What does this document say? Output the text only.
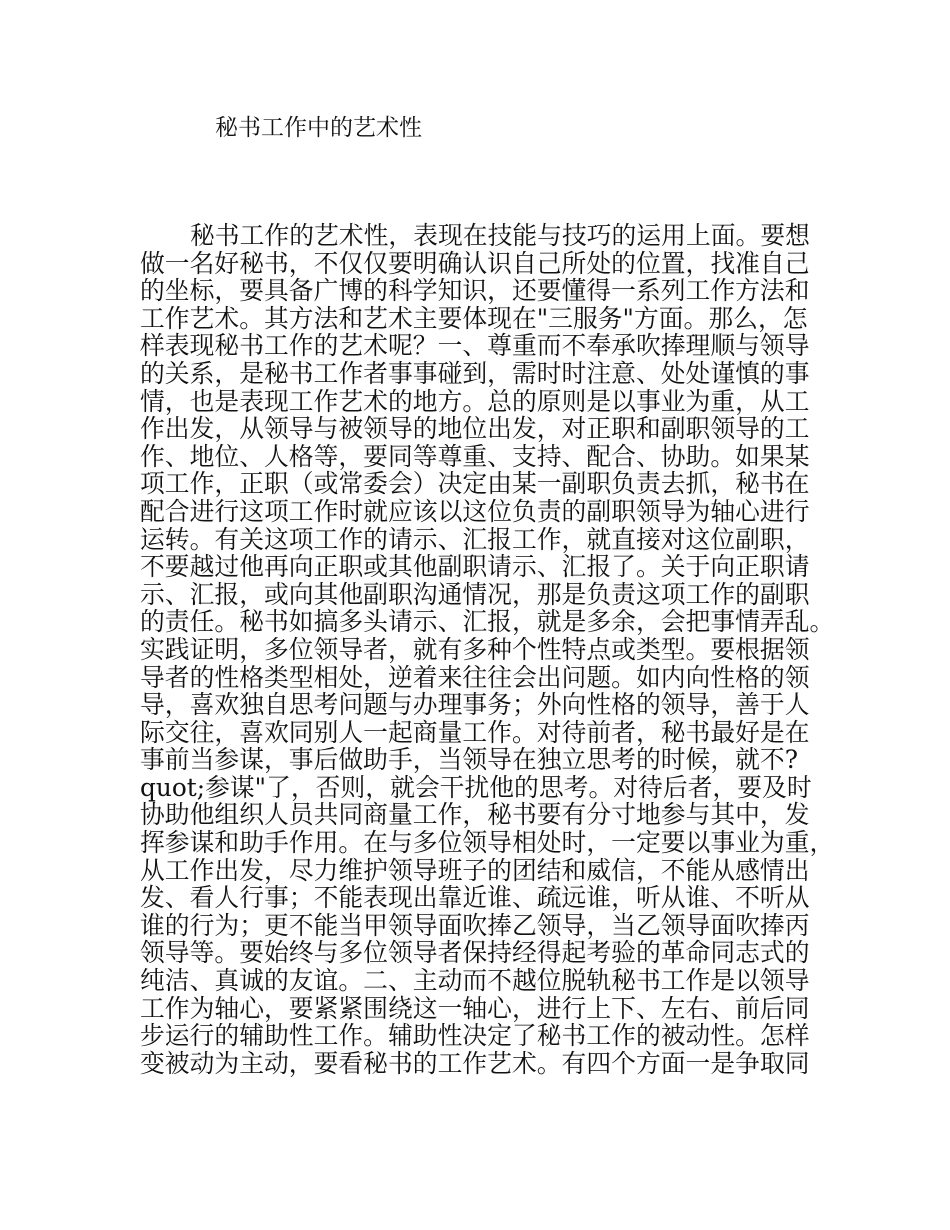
秘书工作中的艺术性
秘书工作的艺术性，表现在技能与技巧的运用上面。要想
做一名好秘书，不仅仅要明确认识自己所处的位置，找准自己
的坐标，要具备广博的科学知识，还要懂得一系列工作方法和
工作艺术。其方法和艺术主要体现在"三服务"方面。那么，怎
样表现秘书工作的艺术呢？一、尊重而不奉承吹捧理顺与领导
的关系，是秘书工作者事事碰到，需时时注意、处处谨慎的事
情，也是表现工作艺术的地方。总的原则是以事业为重，从工
作出发，从领导与被领导的地位出发，对正职和副职领导的工
作、地位、人格等，要同等尊重、支持、配合、协助。如果某
项工作，正职（或常委会）决定由某一副职负责去抓，秘书在
配合进行这项工作时就应该以这位负责的副职领导为轴心进行
运转。有关这项工作的请示、汇报工作，就直接对这位副职，
不要越过他再向正职或其他副职请示、汇报了。关于向正职请
示、汇报，或向其他副职沟通情况，那是负责这项工作的副职
的责任。秘书如搞多头请示、汇报，就是多余，会把事情弄乱。
实践证明，多位领导者，就有多种个性特点或类型。要根据领
导者的性格类型相处，逆着来往往会出问题。如内向性格的领
导，喜欢独自思考问题与办理事务；外向性格的领导，善于人
际交往，喜欢同别人一起商量工作。对待前者，秘书最好是在
事前当参谋，事后做助手，当领导在独立思考的时候，就不?
quot;参谋"了，否则，就会干扰他的思考。对待后者，要及时
协助他组织人员共同商量工作，秘书要有分寸地参与其中，发
挥参谋和助手作用。在与多位领导相处时，一定要以事业为重，
从工作出发，尽力维护领导班子的团结和威信，不能从感情出
发、看人行事；不能表现出靠近谁、疏远谁，听从谁、不听从
谁的行为；更不能当甲领导面吹捧乙领导，当乙领导面吹捧丙
领导等。要始终与多位领导者保持经得起考验的革命同志式的
纯洁、真诚的友谊。二、主动而不越位脱轨秘书工作是以领导
工作为轴心，要紧紧围绕这一轴心，进行上下、左右、前后同
步运行的辅助性工作。辅助性决定了秘书工作的被动性。怎样
变被动为主动，要看秘书的工作艺术。有四个方面一是争取同
